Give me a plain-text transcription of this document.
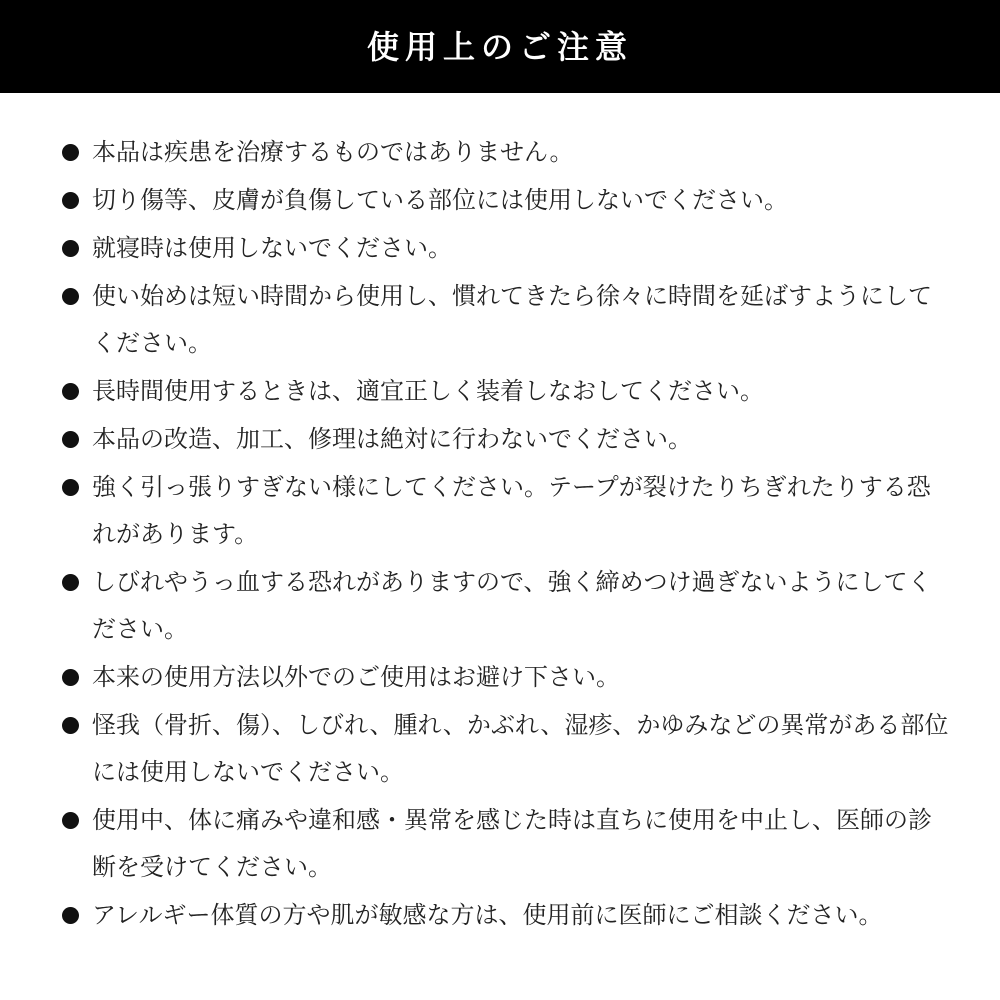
使用上のご注意
本品は疾患を治療するものではありません。
切り傷等、皮膚が負傷している部位には使用しないでください。
就寝時は使用しないでください。
使い始めは短い時間から使用し、慣れてきたら徐々に時間を延ばすようにしてください。
長時間使用するときは、適宜正しく装着しなおしてください。
本品の改造、加工、修理は絶対に行わないでください。
強く引っ張りすぎない様にしてください。テープが裂けたりちぎれたりする恐れがあります。
しびれやうっ血する恐れがありますので、強く締めつけ過ぎないようにしてください。
本来の使用方法以外でのご使用はお避け下さい。
怪我（骨折、傷）、しびれ、腫れ、かぶれ、湿疹、かゆみなどの異常がある部位には使用しないでください。
使用中、体に痛みや違和感・異常を感じた時は直ちに使用を中止し、医師の診断を受けてください。
アレルギー体質の方や肌が敏感な方は、使用前に医師にご相談ください。
